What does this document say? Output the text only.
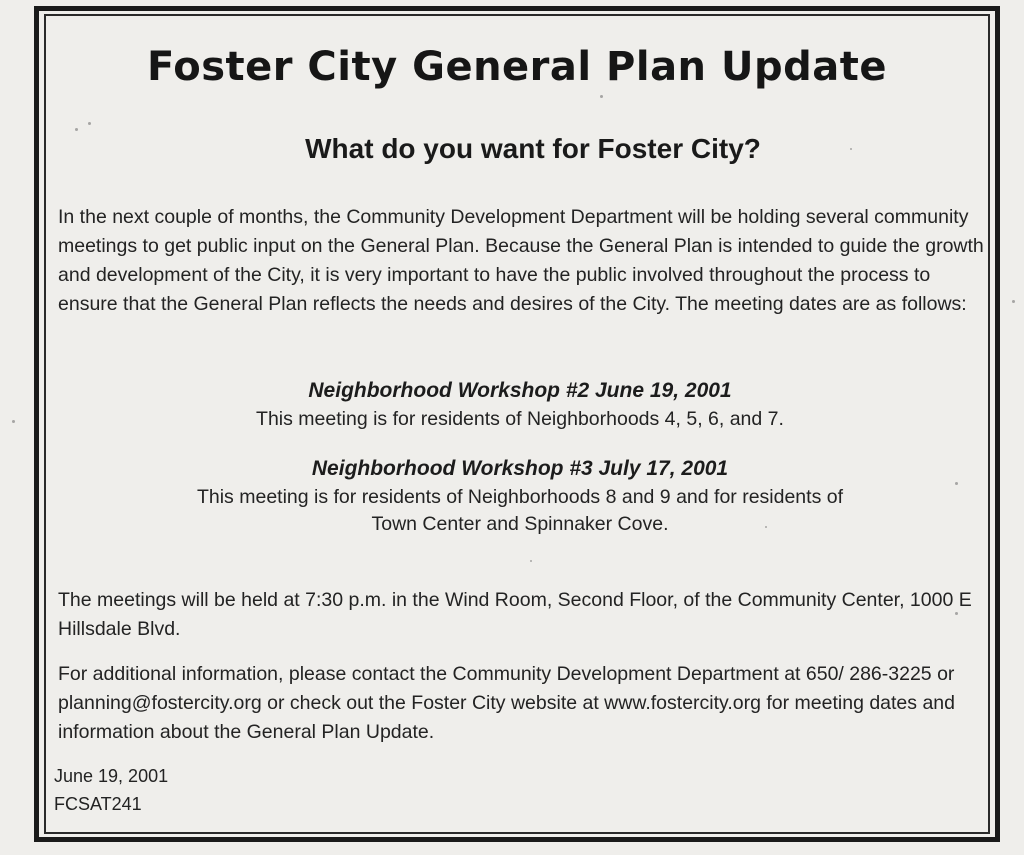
Foster City General Plan Update
What do you want for Foster City?

In the next couple of months, the Community Development Department will be holding several community meetings to get public input on the General Plan. Because the General Plan is intended to guide the growth and development of the City, it is very important to have the public involved throughout the process to ensure that the General Plan reflects the needs and desires of the City. The meeting dates are as follows:

Neighborhood Workshop #2 June 19, 2001

This meeting is for residents of Neighborhoods 4, 5, 6, and 7.

Neighborhood Workshop #3 July 17, 2001

This meeting is for residents of Neighborhoods 8 and 9 and for residents of

Town Center and Spinnaker Cove.

The meetings will be held at 7:30 p.m. in the Wind Room, Second Floor, of the Community Center, 1000 E Hillsdale Blvd.

For additional information, please contact the Community Development Department at 650/ 286-3225 or planning@fostercity.org or check out the Foster City website at www.fostercity.org for meeting dates and information about the General Plan Update.

June 19, 2001
FCSAT241
